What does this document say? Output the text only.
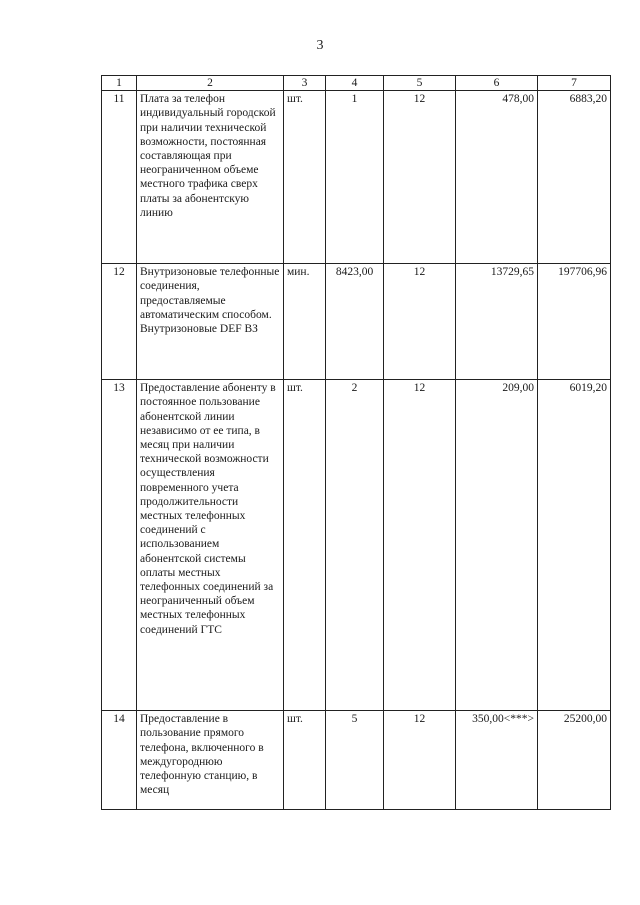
3
1	2	3	4	5	6	7
11	Плата за телефон индивидуальный городской при наличии технической возможности, постоянная составляющая при неограниченном объеме местного трафика сверх платы за абонентскую линию	шт.	1	12	478,00	6883,20
12	Внутризоновые телефонные соединения, предоставляемые автоматическим способом. Внутризоновые DEF ВЗ	мин.	8423,00	12	13729,65	197706,96
13	Предоставление абоненту в постоянное пользование абонентской линии независимо от ее типа, в месяц при наличии технической возможности осуществления повременного учета продолжительности местных телефонных соединений с использованием абонентской системы оплаты местных телефонных соединений за неограниченный объем местных телефонных соединений ГТС	шт.	2	12	209,00	6019,20
14	Предоставление в пользование прямого телефона, включенного в междугороднюю телефонную станцию, в месяц	шт.	5	12	350,00<***>	25200,00
